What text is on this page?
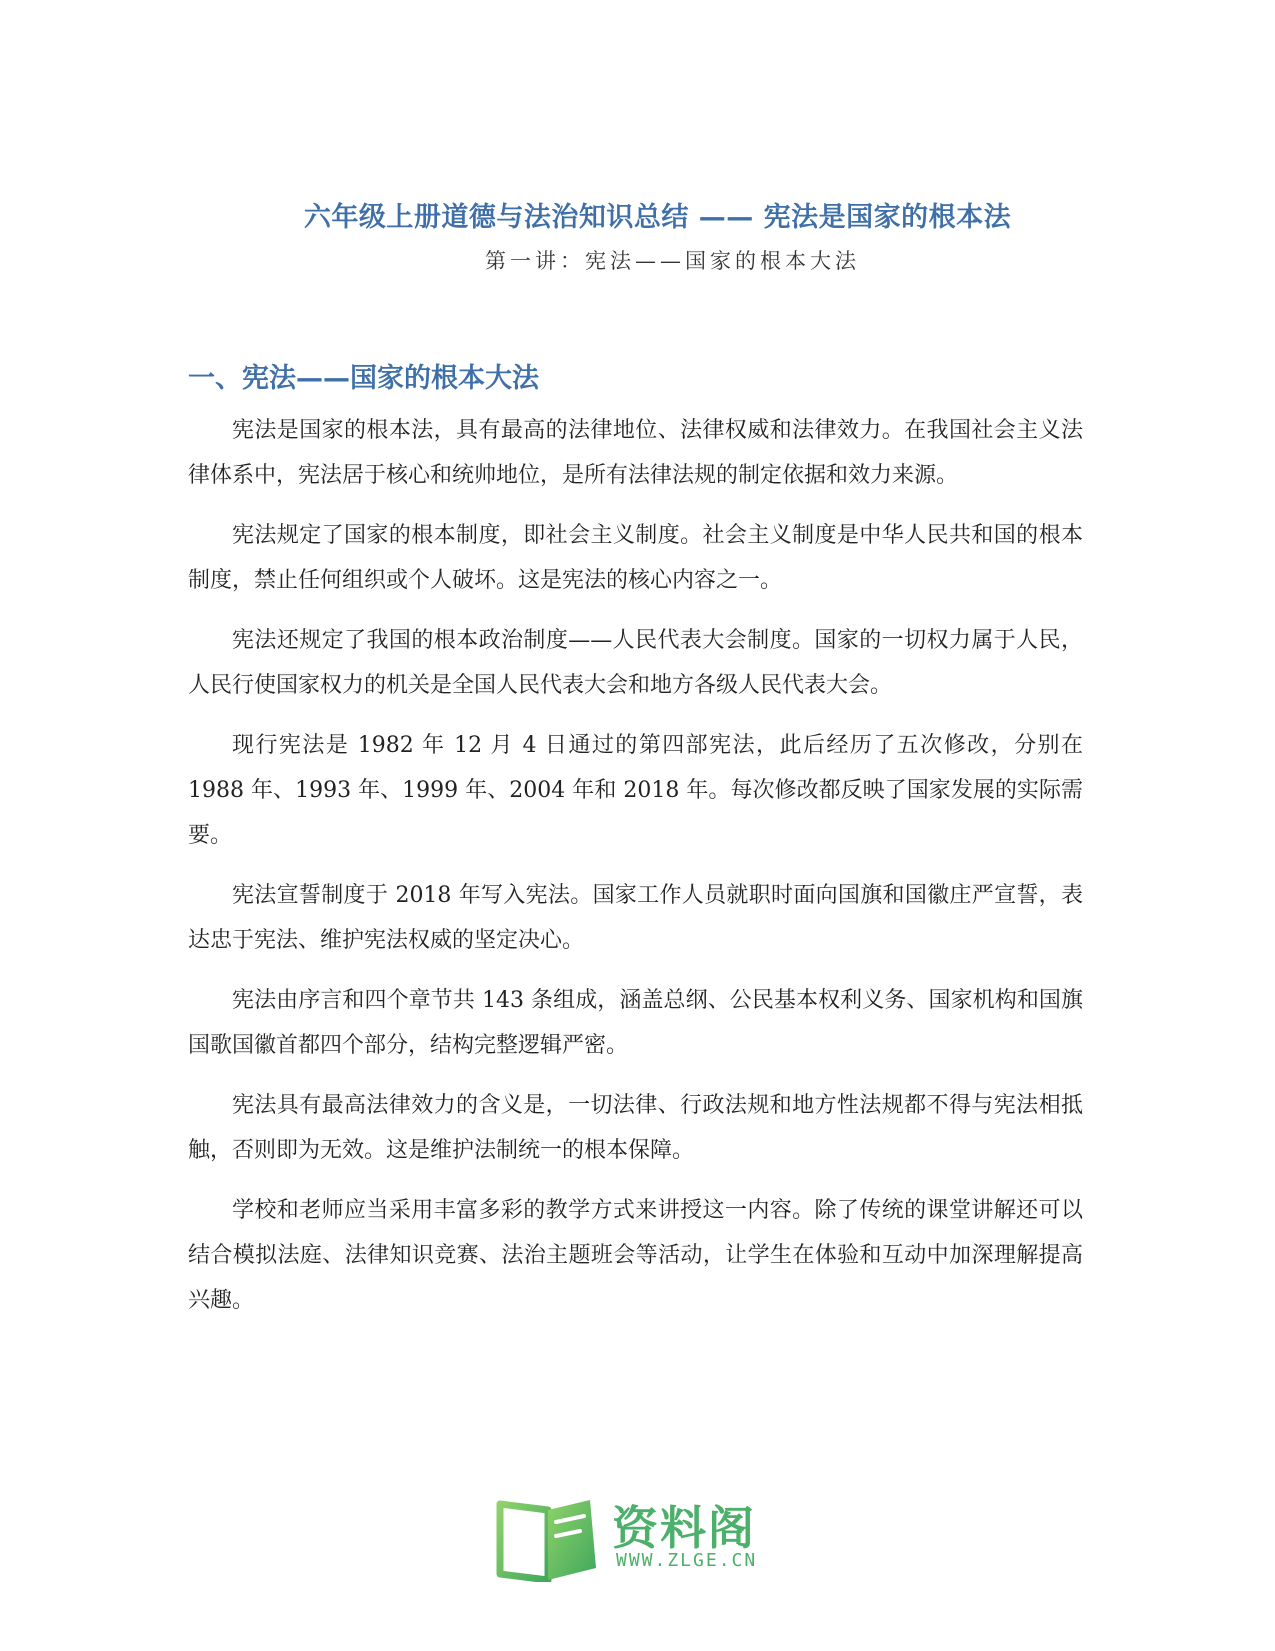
六年级上册道德与法治知识总结 —— 宪法是国家的根本法
第一讲：宪法——国家的根本大法
一、宪法——国家的根本大法

宪法是国家的根本法，具有最高的法律地位、法律权威和法律效力。在我国社会主义法律体系中，宪法居于核心和统帅地位，是所有法律法规的制定依据和效力来源。

宪法规定了国家的根本制度，即社会主义制度。社会主义制度是中华人民共和国的根本制度，禁止任何组织或个人破坏。这是宪法的核心内容之一。

宪法还规定了我国的根本政治制度——人民代表大会制度。国家的一切权力属于人民，人民行使国家权力的机关是全国人民代表大会和地方各级人民代表大会。

现行宪法是 1982 年 12 月 4 日通过的第四部宪法，此后经历了五次修改，分别在 1988 年、1993 年、1999 年、2004 年和 2018 年。每次修改都反映了国家发展的实际需要。

宪法宣誓制度于 2018 年写入宪法。国家工作人员就职时面向国旗和国徽庄严宣誓，表达忠于宪法、维护宪法权威的坚定决心。

宪法由序言和四个章节共 143 条组成，涵盖总纲、公民基本权利义务、国家机构和国旗国歌国徽首都四个部分，结构完整逻辑严密。

宪法具有最高法律效力的含义是，一切法律、行政法规和地方性法规都不得与宪法相抵触，否则即为无效。这是维护法制统一的根本保障。

学校和老师应当采用丰富多彩的教学方式来讲授这一内容。除了传统的课堂讲解还可以结合模拟法庭、法律知识竞赛、法治主题班会等活动，让学生在体验和互动中加深理解提高兴趣。

资料阁
WWW.ZLGE.CN
